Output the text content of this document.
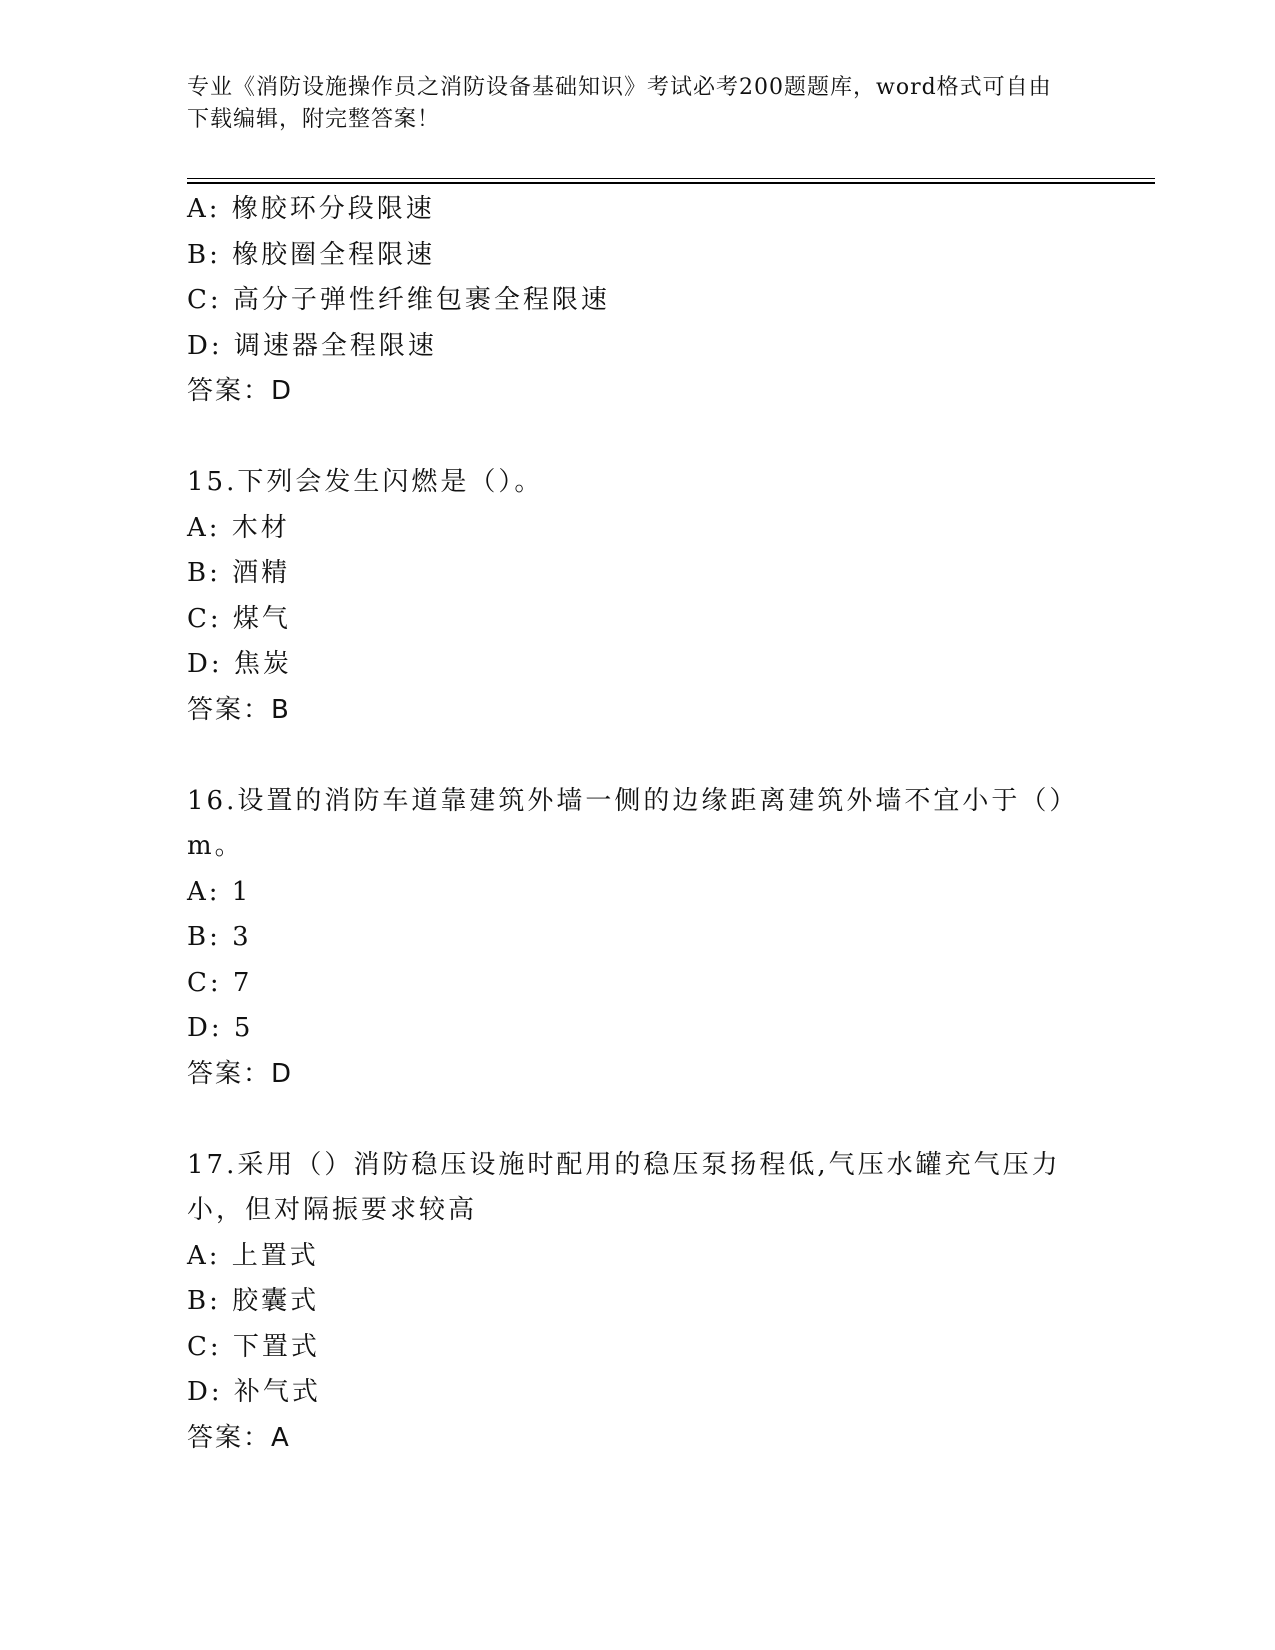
专业《消防设施操作员之消防设备基础知识》考试必考200题题库，word格式可自由下载编辑，附完整答案！
A: 橡胶环分段限速
B: 橡胶圈全程限速
C: 高分子弹性纤维包裹全程限速
D: 调速器全程限速
答案：D
15.下列会发生闪燃是（）。
A: 木材
B: 酒精
C: 煤气
D: 焦炭
答案：B
16.设置的消防车道靠建筑外墙一侧的边缘距离建筑外墙不宜小于（）m。
A: 1
B: 3
C: 7
D: 5
答案：D
17.采用（）消防稳压设施时配用的稳压泵扬程低,气压水罐充气压力小，但对隔振要求较高
A: 上置式
B: 胶囊式
C: 下置式
D: 补气式
答案：A
